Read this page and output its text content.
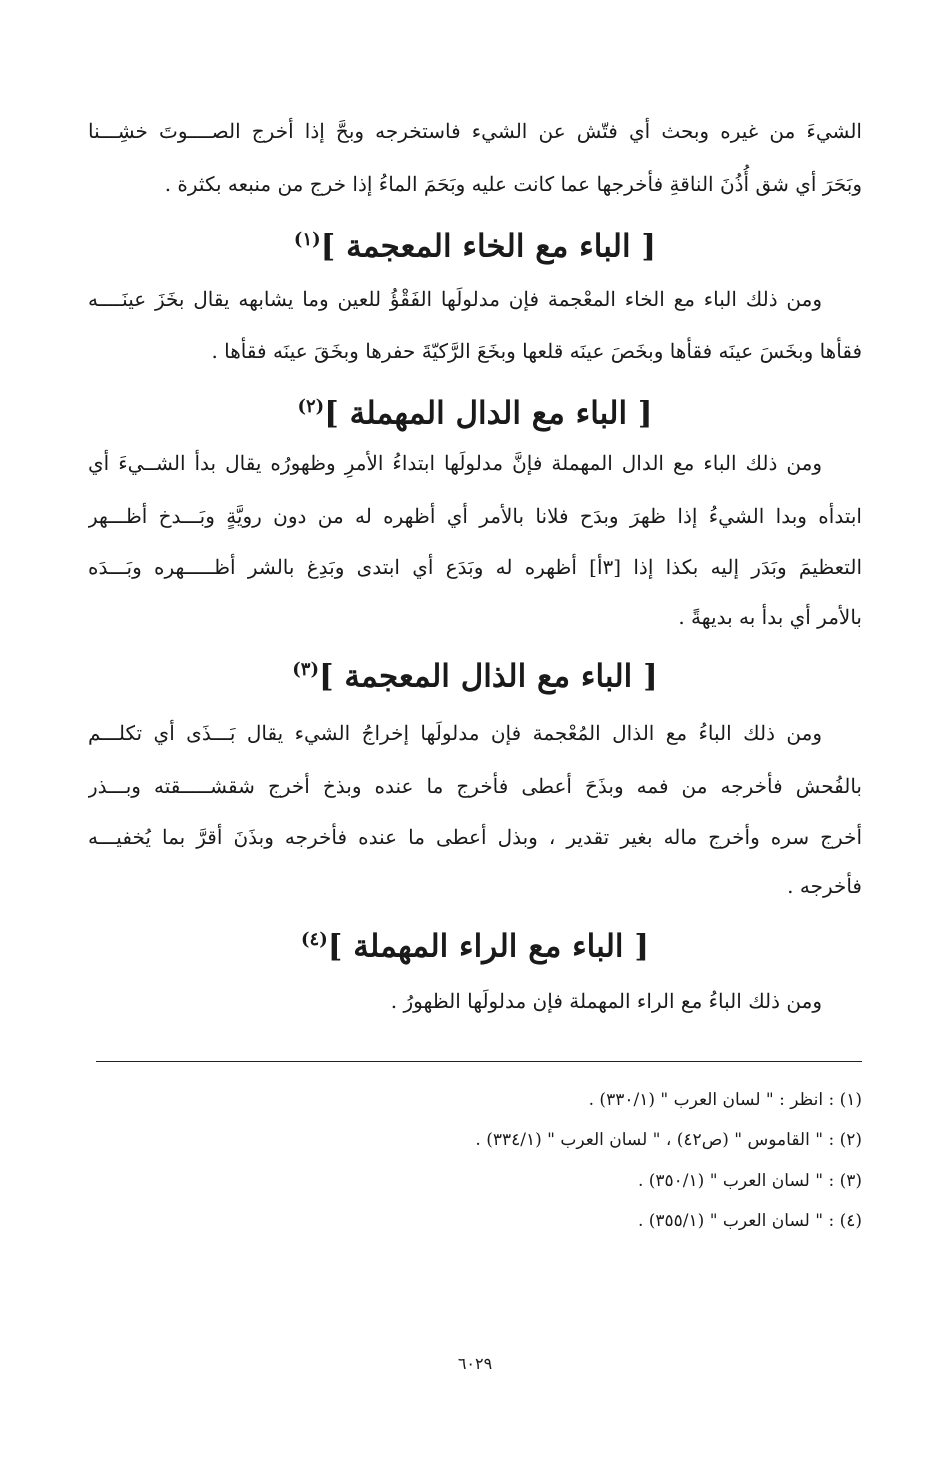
الشيءَ من غيره وبحث أي فتّش عن الشيء فاستخرجه وبحَّ إذا أخرج الصــــوتَ خشِـــنا
وبَحَرَ أي شق أُذُنَ الناقةِ فأخرجها عما كانت عليه وبَحَمَ الماءُ إذا خرج من منبعه بكثرة .
[ الباء مع الخاء المعجمة ]$^{(١)}$
ومن ذلك الباء مع الخاء المعْجمة فإن مدلولَها الفَقْؤُ للعين وما يشابهه يقال بخَزَ عينَــــه
فقأها وبخَسَ عينَه فقأها وبخَصَ عينَه قلعها وبخَعَ الرَّكيّةَ حفرها وبخَقَ عينَه فقأها .
[ الباء مع الدال المهملة ]$^{(٢)}$
ومن ذلك الباء مع الدال المهملة فإنَّ مدلولَها ابتداءُ الأمرِ وظهورُه يقال بدأ الشــيءَ أي
ابتدأه وبدا الشيءُ إذا ظهرَ وبدَح فلانا بالأمر أي أظهره له من دون رويَّةٍ وبَـــدخ أظـــهر
التعظيمَ وبَدَر إليه بكذا إذا [٣أ] أظهره له وبَدَع أي ابتدى وبَدِغ بالشر أظـــــهره وبَـــدَه
بالأمر أي بدأ به بديهةً .
[ الباء مع الذال المعجمة ]$^{(٣)}$
ومن ذلك الباءُ مع الذال المُعْجمة فإن مدلولَها إخراجُ الشيء يقال بَـــذَى أي تكلـــم
بالفُحش فأخرجه من فمه وبذَحَ أعطى فأخرج ما عنده وبذخ أخرج شقشـــــقته وبـــذر
أخرج سره وأخرج ماله بغير تقدير ، وبذل أعطى ما عنده فأخرجه وبذَنَ أقرَّ بما يُخفيـــه
فأخرجه .
[ الباء مع الراء المهملة ]$^{(٤)}$
ومن ذلك الباءُ مع الراء المهملة فإن مدلولَها الظهورُ .
(١) : انظر : " لسان العرب " (٣٣٠/١) .
(٢) : " القاموس " (ص٤٢) ، " لسان العرب " (٣٣٤/١) .
(٣) : " لسان العرب " (٣٥٠/١) .
(٤) : " لسان العرب " (٣٥٥/١) .
٦٠٢٩
